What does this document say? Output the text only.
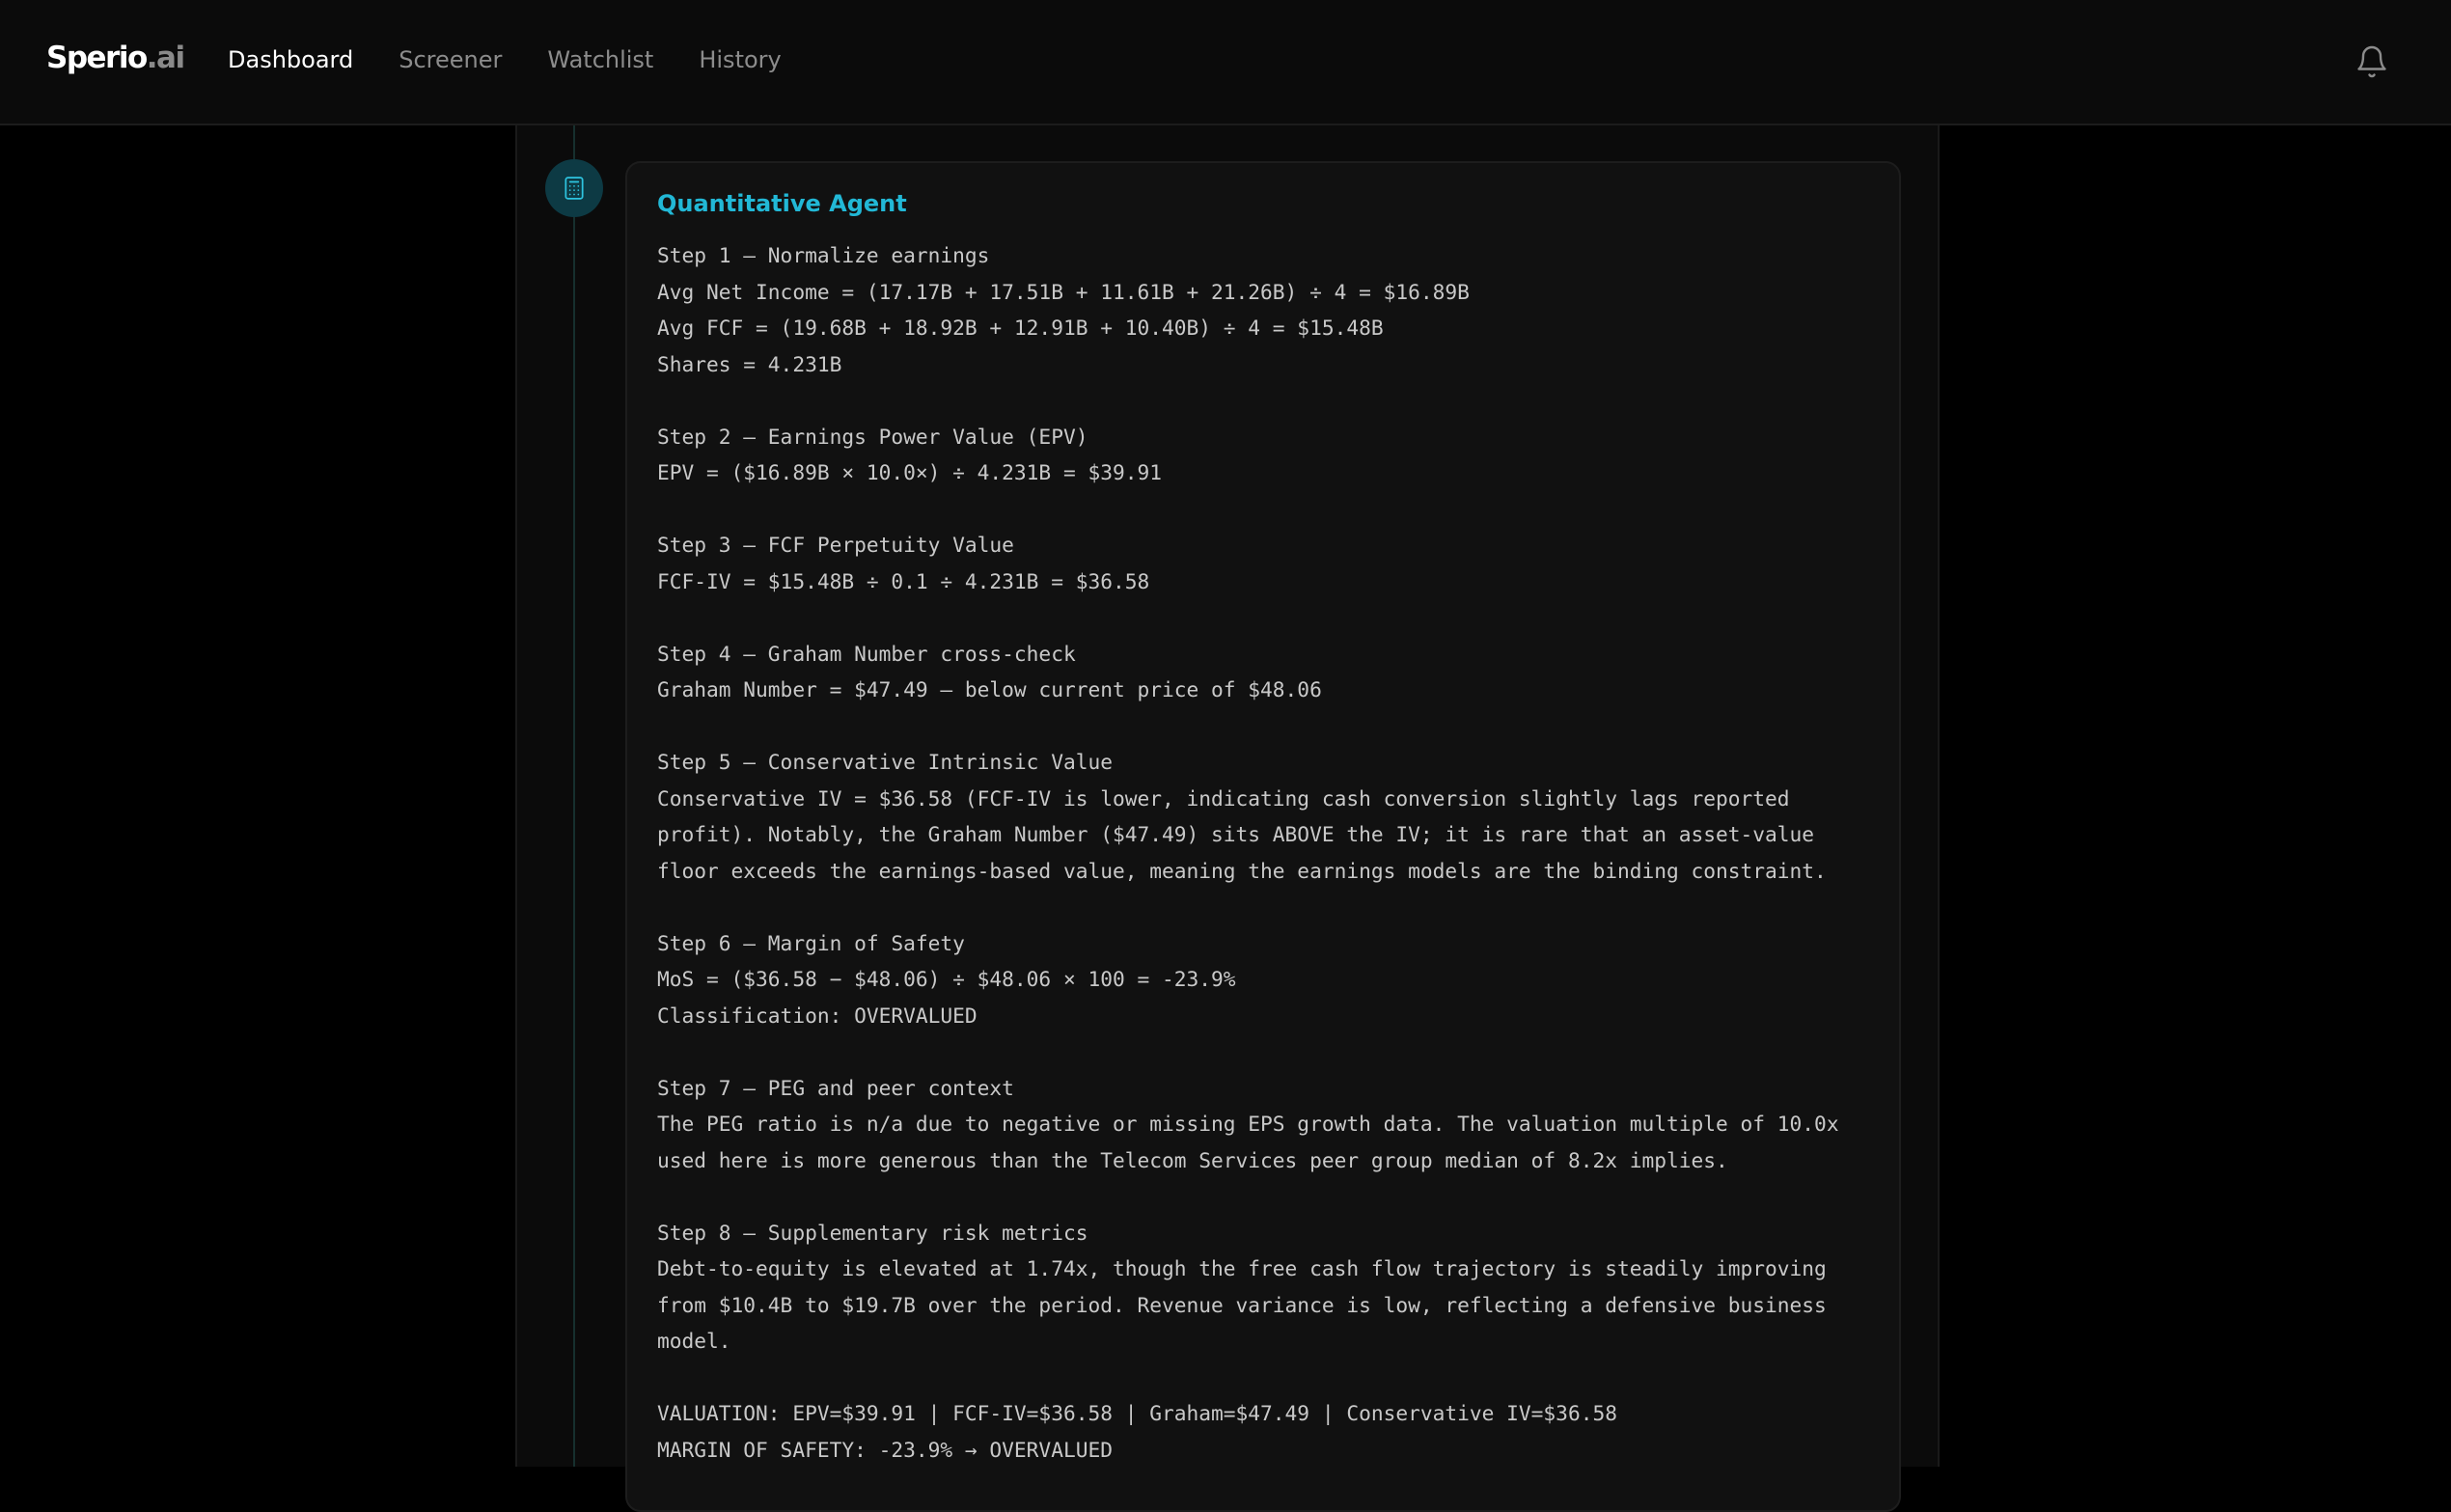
Sperio.ai Dashboard Screener Watchlist History
Quantitative Agent
Step 1 — Normalize earnings
Avg Net Income = (17.17B + 17.51B + 11.61B + 21.26B) ÷ 4 = $16.89B
Avg FCF = (19.68B + 18.92B + 12.91B + 10.40B) ÷ 4 = $15.48B
Shares = 4.231B
Step 2 — Earnings Power Value (EPV)
EPV = ($16.89B × 10.0×) ÷ 4.231B = $39.91
Step 3 — FCF Perpetuity Value
FCF-IV = $15.48B ÷ 0.1 ÷ 4.231B = $36.58
Step 4 — Graham Number cross-check
Graham Number = $47.49 — below current price of $48.06
Step 5 — Conservative Intrinsic Value
Conservative IV = $36.58 (FCF-IV is lower, indicating cash conversion slightly lags reported
profit). Notably, the Graham Number ($47.49) sits ABOVE the IV; it is rare that an asset-value
floor exceeds the earnings-based value, meaning the earnings models are the binding constraint.
Step 6 — Margin of Safety
MoS = ($36.58 − $48.06) ÷ $48.06 × 100 = -23.9%
Classification: OVERVALUED
Step 7 — PEG and peer context
The PEG ratio is n/a due to negative or missing EPS growth data. The valuation multiple of 10.0x
used here is more generous than the Telecom Services peer group median of 8.2x implies.
Step 8 — Supplementary risk metrics
Debt-to-equity is elevated at 1.74x, though the free cash flow trajectory is steadily improving
from $10.4B to $19.7B over the period. Revenue variance is low, reflecting a defensive business
model.
VALUATION: EPV=$39.91 | FCF-IV=$36.58 | Graham=$47.49 | Conservative IV=$36.58
MARGIN OF SAFETY: -23.9% → OVERVALUED
